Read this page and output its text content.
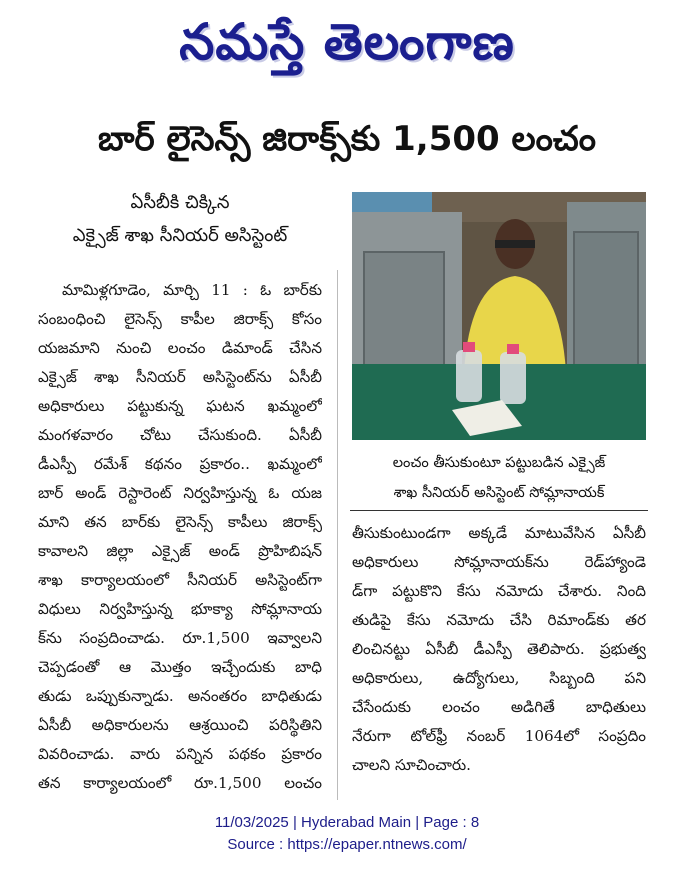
నమస్తే తెలంగాణ
బార్ లైసెన్స్ జిరాక్స్‌కు 1,500 లంచం
ఏసీబీకి చిక్కిన
ఎక్సైజ్ శాఖ సీనియర్ అసిస్టెంట్
మామిళ్లగూడెం, మార్చి 11 : ఓ బార్‌కు
సంబంధించి లైసెన్స్ కాపీల జిరాక్స్ కోసం
యజమాని నుంచి లంచం డిమాండ్ చేసిన
ఎక్సైజ్ శాఖ సీనియర్ అసిస్టెంట్‌ను ఏసీబీ
అధికారులు పట్టుకున్న ఘటన ఖమ్మంలో
మంగళవారం చోటు చేసుకుంది. ఏసీబీ
డీఎస్పీ రమేశ్ కథనం ప్రకారం.. ఖమ్మంలో
బార్ అండ్ రెస్టారెంట్ నిర్వహిస్తున్న ఓ యజ
మాని తన బార్‌కు లైసెన్స్ కాపీలు జిరాక్స్
కావాలని జిల్లా ఎక్సైజ్ అండ్ ప్రొహిబిషన్
శాఖ కార్యాలయంలో సీనియర్ అసిస్టెంట్‌గా
విధులు నిర్వహిస్తున్న భూక్యా సోమ్లానాయ
క్‌ను సంప్రదించాడు. రూ.1,500 ఇవ్వాలని
చెప్పడంతో ఆ మొత్తం ఇచ్చేందుకు బాధి
తుడు ఒప్పుకున్నాడు. అనంతరం బాధితుడు
ఏసీబీ అధికారులను ఆశ్రయించి పరిస్థితిని
వివరించాడు. వారు పన్నిన పథకం ప్రకారం
తన కార్యాలయంలో రూ.1,500 లంచం
లంచం తీసుకుంటూ పట్టుబడిన ఎక్సైజ్
శాఖ సీనియర్ అసిస్టెంట్ సోమ్లానాయక్
తీసుకుంటుండగా అక్కడే మాటువేసిన ఏసీబీ
అధికారులు సోమ్లానాయక్‌ను రెడ్‌హ్యాండె
డ్‌గా పట్టుకొని కేసు నమోదు చేశారు. నింది
తుడిపై కేసు నమోదు చేసి రిమాండ్‌కు తర
లించినట్టు ఏసీబీ డీఎస్పీ తెలిపారు. ప్రభుత్వ
అధికారులు, ఉద్యోగులు, సిబ్బంది పని
చేసేందుకు లంచం అడిగితే బాధితులు
నేరుగా టోల్‌ఫ్రీ నంబర్ 1064లో సంప్రదిం
చాలని సూచించారు.
11/03/2025 | Hyderabad Main | Page : 8
Source : https://epaper.ntnews.com/
